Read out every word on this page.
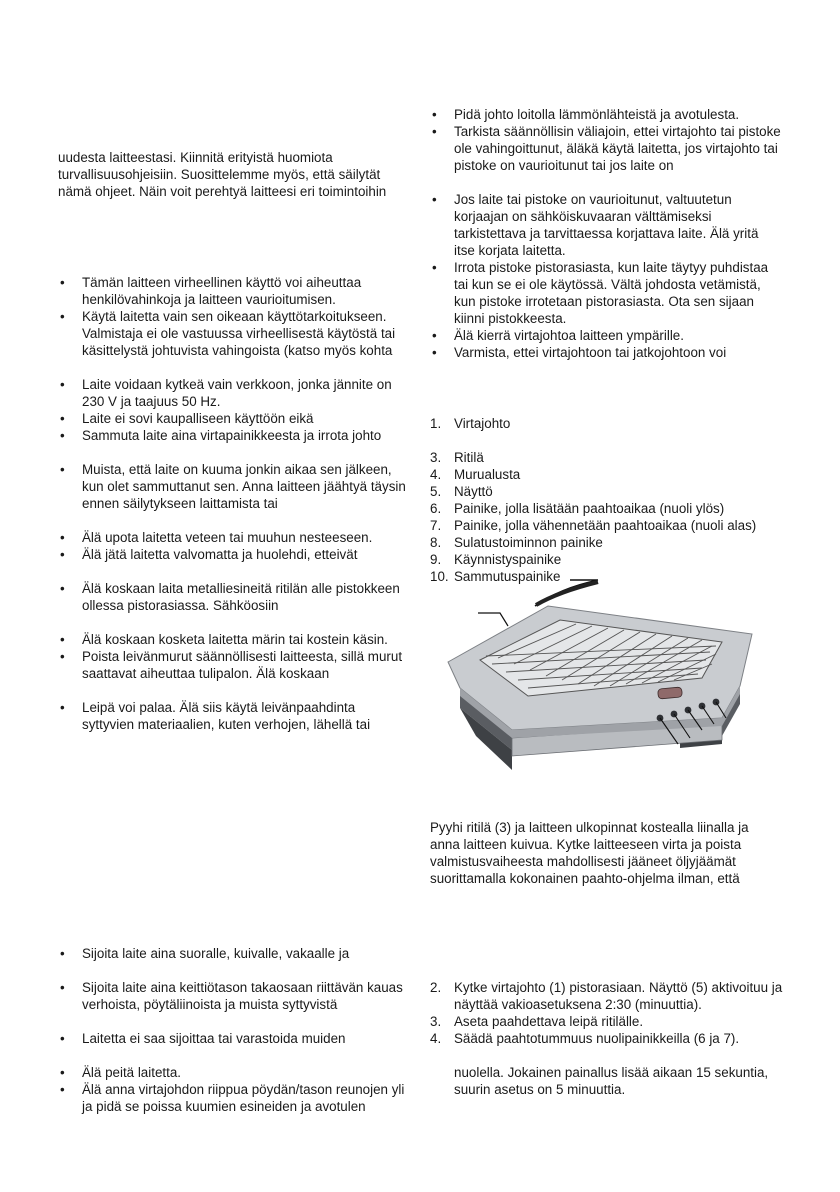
uudesta laitteestasi. Kiinnitä erityistä huomiota turvallisuusohjeisiin. Suosittelemme myös, että säilytät nämä ohjeet. Näin voit perehtyä laitteesi eri toimintoihin

• Tämän laitteen virheellinen käyttö voi aiheuttaa henkilövahinkoja ja laitteen vaurioitumisen.
• Käytä laitetta vain sen oikeaan käyttötarkoitukseen. Valmistaja ei ole vastuussa virheellisestä käytöstä tai käsittelystä johtuvista vahingoista (katso myös kohta
• Laite voidaan kytkeä vain verkkoon, jonka jännite on 230 V ja taajuus 50 Hz.
• Laite ei sovi kaupalliseen käyttöön eikä
• Sammuta laite aina virtapainikkeesta ja irrota johto
• Muista, että laite on kuuma jonkin aikaa sen jälkeen, kun olet sammuttanut sen. Anna laitteen jäähtyä täysin ennen säilytykseen laittamista tai
• Älä upota laitetta veteen tai muuhun nesteeseen.
• Älä jätä laitetta valvomatta ja huolehdi, etteivät
• Älä koskaan laita metalliesineitä ritilän alle pistokkeen ollessa pistorasiassa. Sähköosiin
• Älä koskaan kosketa laitetta märin tai kostein käsin.
• Poista leivänmurut säännöllisesti laitteesta, sillä murut saattavat aiheuttaa tulipalon. Älä koskaan
• Leipä voi palaa. Älä siis käytä leivänpaahdinta syttyvien materiaalien, kuten verhojen, lähellä tai
• Sijoita laite aina suoralle, kuivalle, vakaalle ja
• Sijoita laite aina keittiötason takaosaan riittävän kauas verhoista, pöytäliinoista ja muista syttyvistä
• Laitetta ei saa sijoittaa tai varastoida muiden
• Älä peitä laitetta.
• Älä anna virtajohdon riippua pöydän/tason reunojen yli ja pidä se poissa kuumien esineiden ja avotulen
• Pidä johto loitolla lämmönlähteistä ja avotulesta.
• Tarkista säännöllisin väliajoin, ettei virtajohto tai pistoke ole vahingoittunut, äläkä käytä laitetta, jos virtajohto tai pistoke on vaurioitunut tai jos laite on
• Jos laite tai pistoke on vaurioitunut, valtuutetun korjaajan on sähköiskuvaaran välttämiseksi tarkistettava ja tarvittaessa korjattava laite. Älä yritä itse korjata laitetta.
• Irrota pistoke pistorasiasta, kun laite täytyy puhdistaa tai kun se ei ole käytössä. Vältä johdosta vetämistä, kun pistoke irrotetaan pistorasiasta. Ota sen sijaan kiinni pistokkeesta.
• Älä kierrä virtajohtoa laitteen ympärille.
• Varmista, ettei virtajohtoon tai jatkojohtoon voi
1. Virtajohto
3. Ritilä
4. Murualusta
5. Näyttö
6. Painike, jolla lisätään paahtoaikaa (nuoli ylös)
7. Painike, jolla vähennetään paahtoaikaa (nuoli alas)
8. Sulatustoiminnon painike
9. Käynnistyspainike
10. Sammutuspainike

Pyyhi ritilä (3) ja laitteen ulkopinnat kostealla liinalla ja anna laitteen kuivua. Kytke laitteeseen virta ja poista valmistusvaiheesta mahdollisesti jääneet öljyjäämät suorittamalla kokonainen paahto-ohjelma ilman, että

2. Kytke virtajohto (1) pistorasiaan. Näyttö (5) aktivoituu ja näyttää vakioasetuksena 2:30 (minuuttia).
3. Aseta paahdettava leipä ritilälle.
4. Säädä paahtotummuus nuolipainikkeilla (6 ja 7).

nuolella. Jokainen painallus lisää aikaan 15 sekuntia, suurin asetus on 5 minuuttia.
